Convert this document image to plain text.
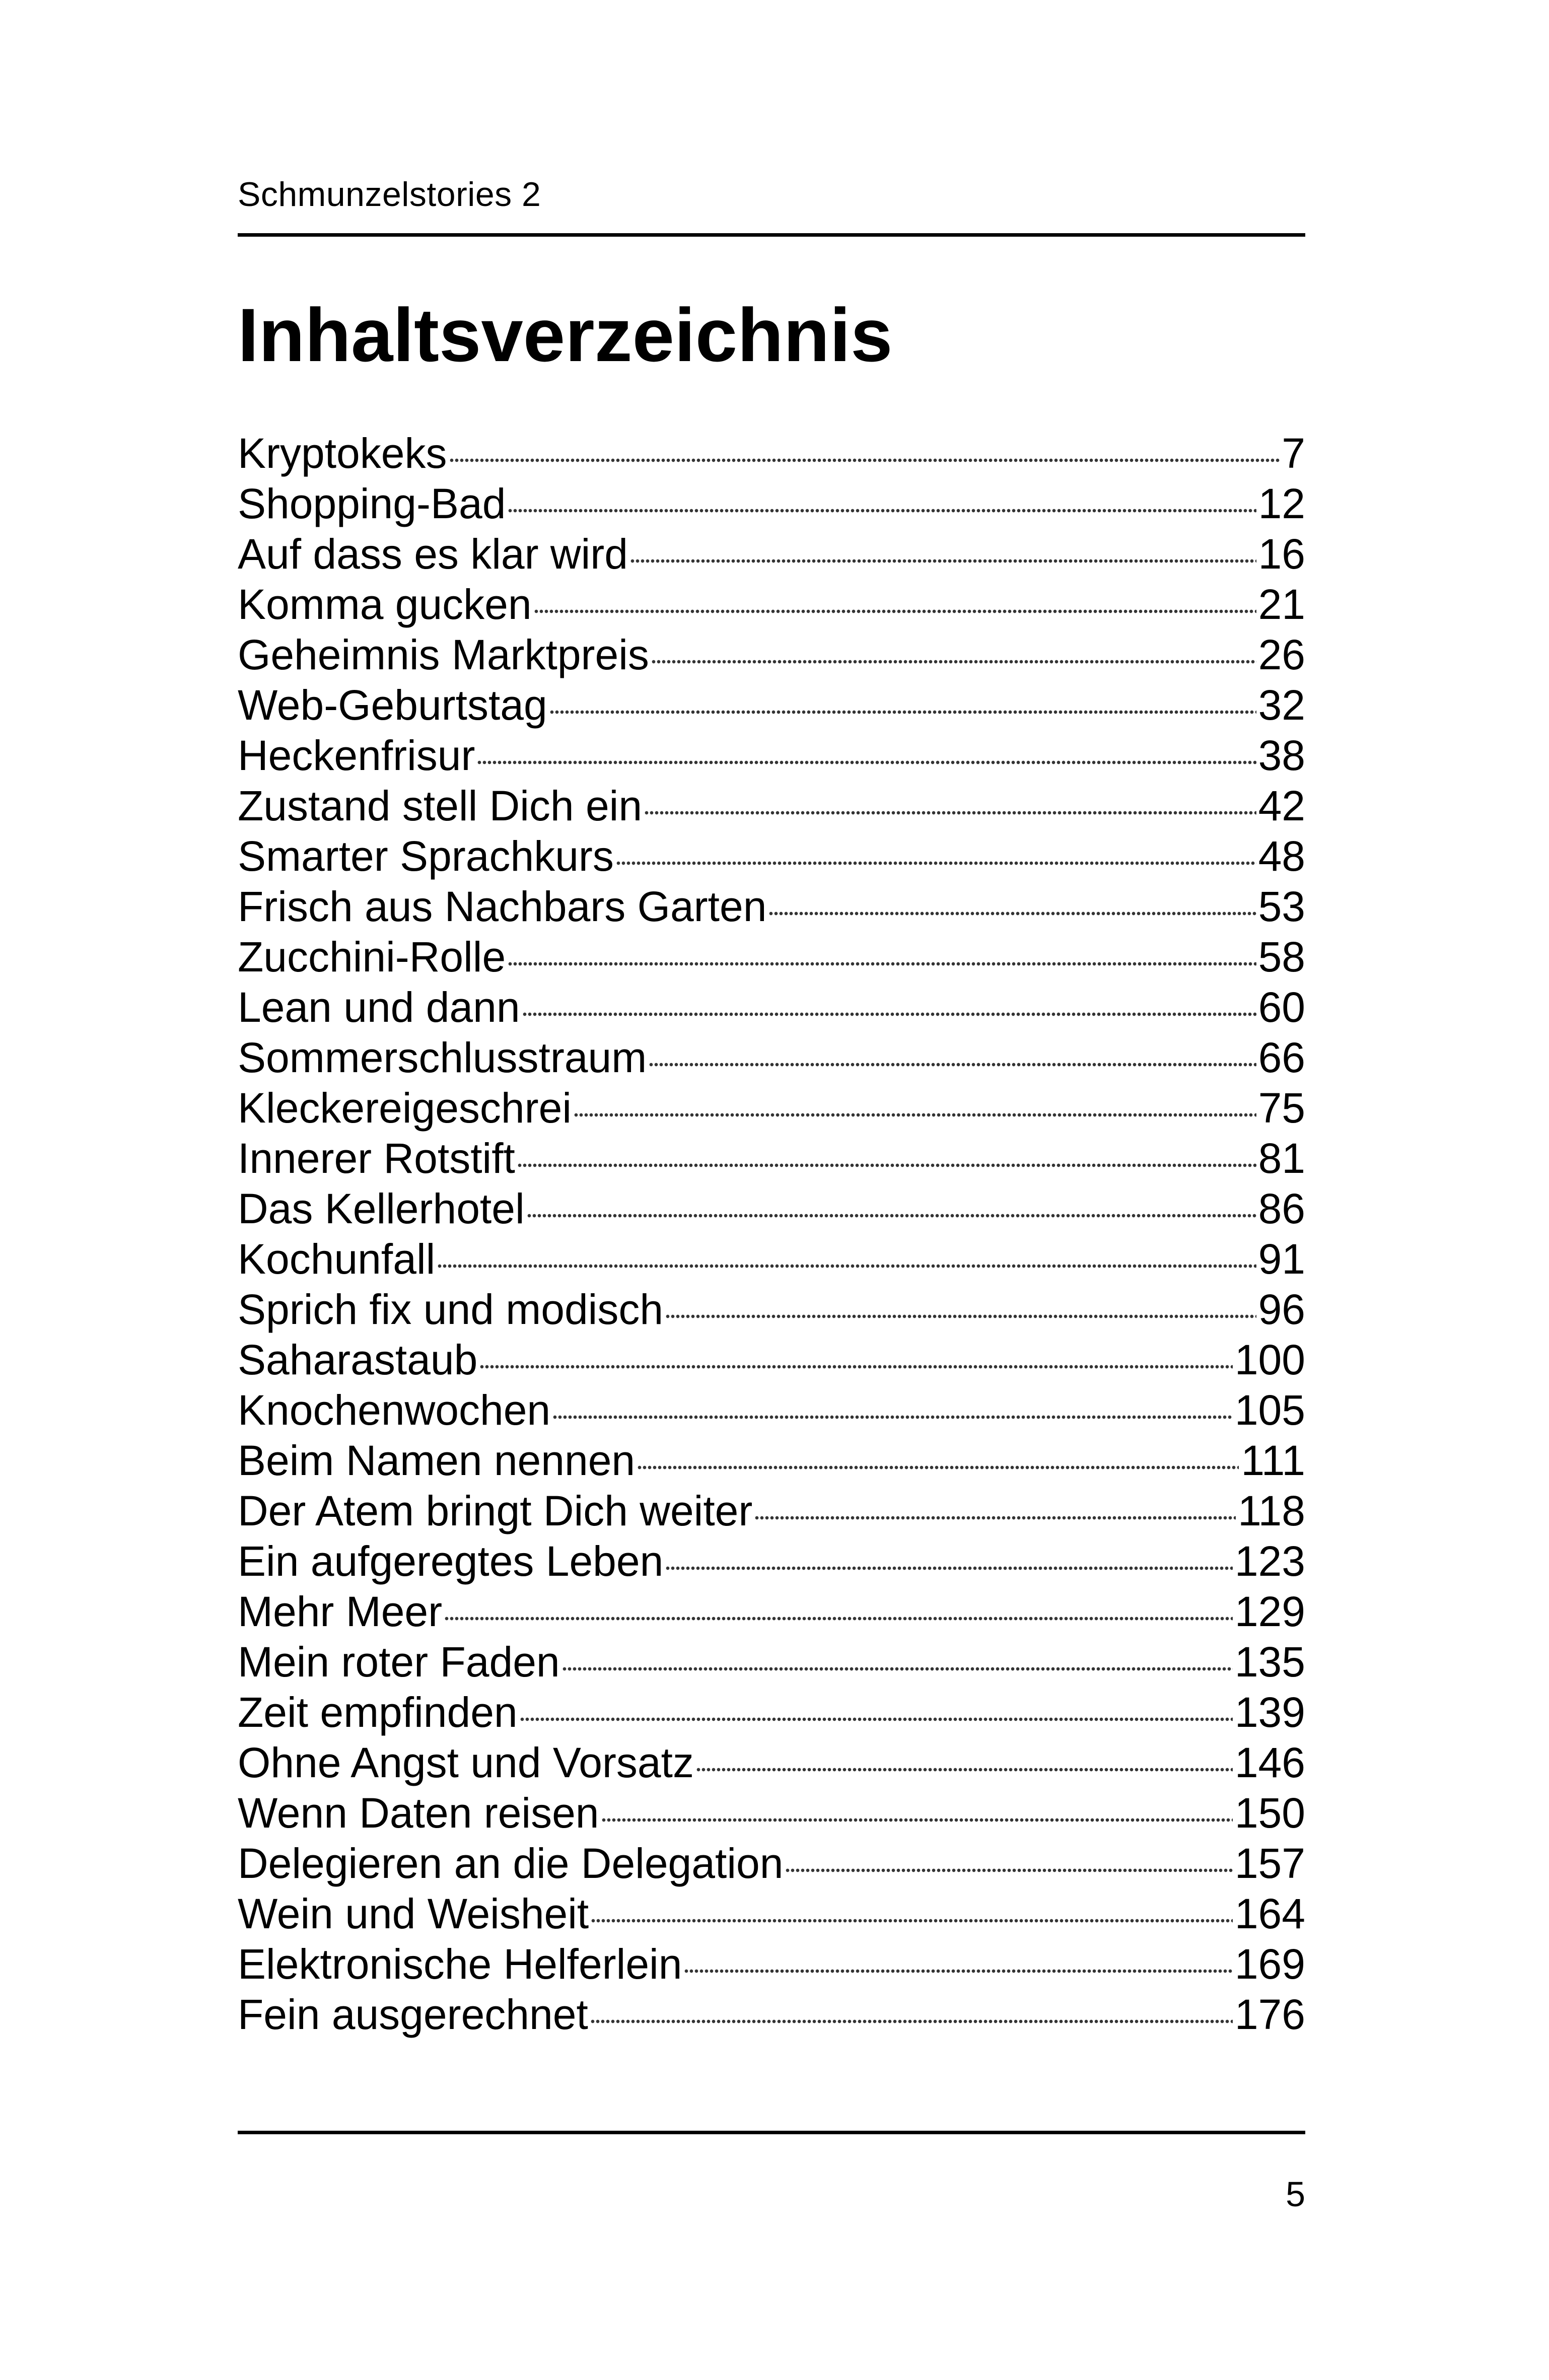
Schmunzelstories 2
Inhaltsverzeichnis
Kryptokeks	7
Shopping-Bad	12
Auf dass es klar wird	16
Komma gucken	21
Geheimnis Marktpreis	26
Web-Geburtstag	32
Heckenfrisur	38
Zustand stell Dich ein	42
Smarter Sprachkurs	48
Frisch aus Nachbars Garten	53
Zucchini-Rolle	58
Lean und dann	60
Sommerschlusstraum	66
Kleckereigeschrei	75
Innerer Rotstift	81
Das Kellerhotel	86
Kochunfall	91
Sprich fix und modisch	96
Saharastaub	100
Knochenwochen	105
Beim Namen nennen	111
Der Atem bringt Dich weiter	118
Ein aufgeregtes Leben	123
Mehr Meer	129
Mein roter Faden	135
Zeit empfinden	139
Ohne Angst und Vorsatz	146
Wenn Daten reisen	150
Delegieren an die Delegation	157
Wein und Weisheit	164
Elektronische Helferlein	169
Fein ausgerechnet	176
5
